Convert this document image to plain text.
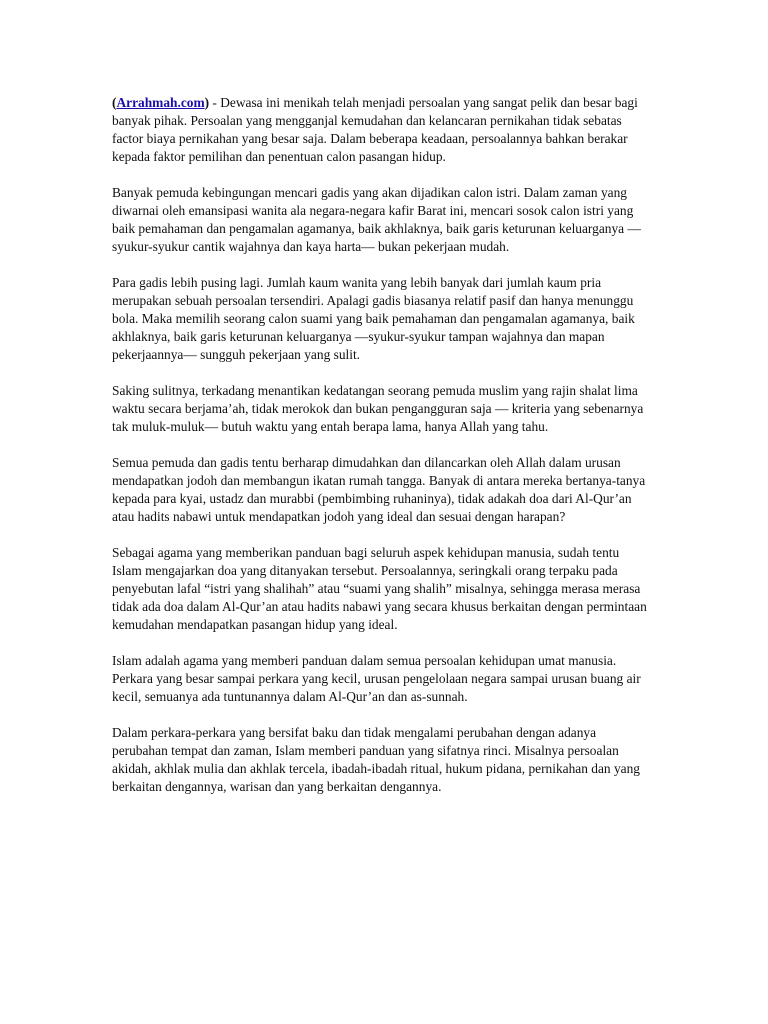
(Arrahmah.com) - Dewasa ini menikah telah menjadi persoalan yang sangat pelik dan besar bagi banyak pihak. Persoalan yang mengganjal kemudahan dan kelancaran pernikahan tidak sebatas factor biaya pernikahan yang besar saja. Dalam beberapa keadaan, persoalannya bahkan berakar kepada faktor pemilihan dan penentuan calon pasangan hidup.

Banyak pemuda kebingungan mencari gadis yang akan dijadikan calon istri. Dalam zaman yang diwarnai oleh emansipasi wanita ala negara-negara kafir Barat ini, mencari sosok calon istri yang baik pemahaman dan pengamalan agamanya, baik akhlaknya, baik garis keturunan keluarganya —syukur-syukur cantik wajahnya dan kaya harta— bukan pekerjaan mudah.

Para gadis lebih pusing lagi. Jumlah kaum wanita yang lebih banyak dari jumlah kaum pria merupakan sebuah persoalan tersendiri. Apalagi gadis biasanya relatif pasif dan hanya menunggu bola. Maka memilih seorang calon suami yang baik pemahaman dan pengamalan agamanya, baik akhlaknya, baik garis keturunan keluarganya —syukur-syukur tampan wajahnya dan mapan pekerjaannya— sungguh pekerjaan yang sulit.

Saking sulitnya, terkadang menantikan kedatangan seorang pemuda muslim yang rajin shalat lima waktu secara berjama’ah, tidak merokok dan bukan pengangguran saja — kriteria yang sebenarnya tak muluk-muluk— butuh waktu yang entah berapa lama, hanya Allah yang tahu.

Semua pemuda dan gadis tentu berharap dimudahkan dan dilancarkan oleh Allah dalam urusan mendapatkan jodoh dan membangun ikatan rumah tangga. Banyak di antara mereka bertanya-tanya kepada para kyai, ustadz dan murabbi (pembimbing ruhaninya), tidak adakah doa dari Al-Qur’an atau hadits nabawi untuk mendapatkan jodoh yang ideal dan sesuai dengan harapan?

Sebagai agama yang memberikan panduan bagi seluruh aspek kehidupan manusia, sudah tentu Islam mengajarkan doa yang ditanyakan tersebut. Persoalannya, seringkali orang terpaku pada penyebutan lafal “istri yang shalihah” atau “suami yang shalih” misalnya, sehingga merasa merasa tidak ada doa dalam Al-Qur’an atau hadits nabawi yang secara khusus berkaitan dengan permintaan kemudahan mendapatkan pasangan hidup yang ideal.

Islam adalah agama yang memberi panduan dalam semua persoalan kehidupan umat manusia. Perkara yang besar sampai perkara yang kecil, urusan pengelolaan negara sampai urusan buang air kecil, semuanya ada tuntunannya dalam Al-Qur’an dan as-sunnah.

Dalam perkara-perkara yang bersifat baku dan tidak mengalami perubahan dengan adanya perubahan tempat dan zaman, Islam memberi panduan yang sifatnya rinci. Misalnya persoalan akidah, akhlak mulia dan akhlak tercela, ibadah-ibadah ritual, hukum pidana, pernikahan dan yang berkaitan dengannya, warisan dan yang berkaitan dengannya.
